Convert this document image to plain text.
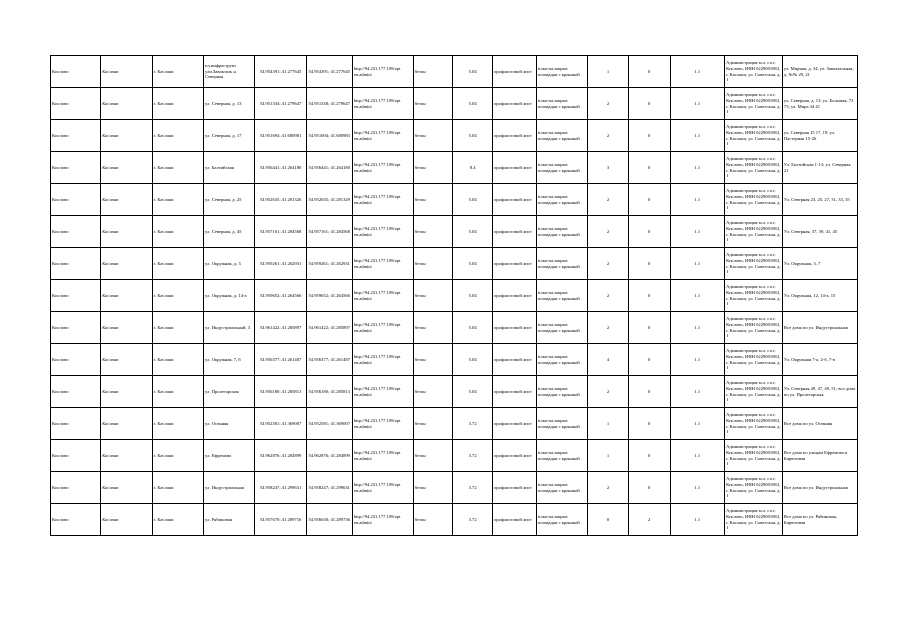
Кислово	Каслаки	г. Каслаки	пл.инфраструкт ули.Завокзаль н Северная	54.954391; 41.277645	54.954391; 41.277645	http://94.231.177.109/opt en.admin/	бетон	5.04	профлистовой лист	в.мастм.закрыт. площадки с крышкой	1	0	1.1	Администрация м.о. г.о.г. Кислово, ИНН 0229001863, г. Каслаки, ул. Советская, д. 1	ул. Мирная, д. 34, ул. Завокзальная, д. №№ 29, 21
Кислово	Каслаки	г. Каслаки	ул. Северная, д. 13	54.951334; 41.279647	54.951338; 41.279647	http://94.231.177.109/opt en.admin/	бетон	5.04	профлистовой лист	в.мастм.закрыт. площадки с крышкой	2	0	1.1	Администрация м.о. г.о.г. Кислово, ИНН 0229001863, г. Каслаки, ул. Советская, д. 1	ул. Северная, д. 13; ул. Большая, 73 75; ул. Мира 34 41
Кислово	Каслаки	г. Каслаки	ул. Северная, д. 17	54.951694; 41.680981	54.951694; 41.680983	http://94.231.177.109/opt en.admin/	бетон	5.04	профлистовой лист	в.мастм.закрыт. площадки с крышкой	2	0	1.1	Администрация м.о. г.о.г. Кислово, ИНН 0229001863, г. Каслаки, ул. Советская, д. 1	ул. Северная 15 17, 19; ул. Пастернак 15-26
Кислово	Каслаки	г. Каслаки	ул. Балтийская	54.956441; 41.264180	54.956441; 41.264180	http://94.231.177.109/opt en.admin/	бетон	8.4	профлистовой лист	в.мастм.закрыт. площадки с крышкой	3	0	1.1	Администрация м.о. г.о.г. Кислово, ИНН 0229001863, г. Каслаки, ул. Советская, д. 1	Ул. Балтийская 1-13; ул. Северная 21
Кислово	Каслаки	г. Каслаки	ул. Северная, д. 25	54.952635; 41.281326	54.952635; 41.281329	http://94.231.177.109/opt en.admin/	бетон	5.04	профлистовой лист	в.мастм.закрыт. площадки с крышкой	2	0	1.1	Администрация м.о. г.о.г. Кислово, ИНН 0229001863, г. Каслаки, ул. Советская, д. 1	Ул. Северная 23, 25, 27, 31, 33, 35
Кислово	Каслаки	г. Каслаки	ул. Северная, д. 45	54.957161; 41.284568	54.957161; 41.284568	http://94.231.177.109/opt en.admin/	бетон	5.04	профлистовой лист	в.мастм.закрыт. площадки с крышкой	2	0	1.1	Администрация м.о. г.о.г. Кислово, ИНН 0229001863, г. Каслаки, ул. Советская, д. 1	Ул. Северная, 37, 39, 41, 45
Кислово	Каслаки	г. Каслаки	ул. Окружная, д. 3	54.959261; 41.262931	54.959261; 41.262931	http://94.231.177.109/opt en.admin/	бетон	5.04	профлистовой лист	в.мастм.закрыт. площадки с крышкой	2	0	1.1	Администрация м.о. г.о.г. Кислово, ИНН 0229001863, г. Каслаки, ул. Советская, д. 1	Ул. Окружная, 3, 7
Кислово	Каслаки	г. Каслаки	ул. Окружная, д. 14-а	54.959652; 41.264566	54.959652; 41.264566	http://94.231.177.109/opt en.admin/	бетон	5.04	профлистовой лист	в.мастм.закрыт. площадки с крышкой	2	0	1.1	Администрация м.о. г.о.г. Кислово, ИНН 0229001863, г. Каслаки, ул. Советская, д. 1	Ул. Окружная, 12, 14-а, 15
Кислово	Каслаки	г. Каслаки	ул. Индустриальный, 3	54.961422; 41.285897	54.961422; 41.285897	http://94.231.177.109/opt en.admin/	бетон	5.04	профлистовой лист	в.мастм.закрыт. площадки с крышкой	2	0	1.1	Администрация м.о. г.о.г. Кислово, ИНН 0229001863, г. Каслаки, ул. Советская, д. 1	Все дома по ул. Индустриальная
Кислово	Каслаки	г. Каслаки	ул. Окружная, 7, 6	54.956377; 41.261487	54.956377; 41.261487	http://94.231.177.109/opt en.admin/	бетон	5.04	профлистовой лист	в.мастм.закрыт. площадки с крышкой	4	0	1.1	Администрация м.о. г.о.г. Кислово, ИНН 0229001863, г. Каслаки, ул. Советская, д. 1	Ул. Окружная 7-а, 2-б, 7-в
Кислово	Каслаки	г. Каслаки	ул. Пролетарская	54.956180; 41.285813	54.956180; 41.285813	http://94.231.177.109/opt en.admin/	бетон	5.04	профлистовой лист	в.мастм.закрыт. площадки с крышкой	2	0	1.1	Администрация м.о. г.о.г. Кислово, ИНН 0229001863, г. Каслаки, ул. Советская, д. 1	Ул. Северная 49, 47, 49, 51; все дома по ул. Пролетарская
Кислово	Каслаки	г. Каслаки	ул. Осенняя	54.952581; 41.369007	54.952581; 41.369007	http://94.231.177.109/opt en.admin/	бетон	3.72	профлистовой лист	в.мастм.закрыт. площадки с крышкой	1	0	1.1	Администрация м.о. г.о.г. Кислово, ИНН 0229001863, г. Каслаки, ул. Советская, д. 1	Все дома по ул. Осенняя
Кислово	Каслаки	г. Каслаки	ул. Ефремова	54.962876; 41.284899	54.962876; 41.284899	http://94.231.177.109/opt en.admin/	бетон	3.72	профлистовой лист	в.мастм.закрыт. площадки с крышкой	1	0	1.1	Администрация м.о. г.о.г. Кислово, ИНН 0229001863, г. Каслаки, ул. Советская, д. 1	Все дома по улицам Ефремова и Бирюзовая
Кислово	Каслаки	г. Каслаки	ул. Индустриальная	54.958247; 41.299631	54.958247; 41.299631	http://94.231.177.109/opt en.admin/	бетон	3.72	профлистовой лист	в.мастм.закрыт. площадки с крышкой	2	0	1.1	Администрация м.о. г.о.г. Кислово, ИНН 0229001863, г. Каслаки, ул. Советская, д. 1	Все дома по ул. Индустриальная
Кислово	Каслаки	г. Каслаки	ул. Рябиновая	54.957670; 41.289716	54.956630; 41.289736	http://94.231.177.109/opt en.admin/	бетон	3.72	профлистовой лист	в.мастм.закрыт. площадки с крышкой	0	2	1.1	Администрация м.о. г.о.г. Кислово, ИНН 0229001863, г. Каслаки, ул. Советская, д. 1	Все дома по ул. Рябиновая, Бирюзовая
